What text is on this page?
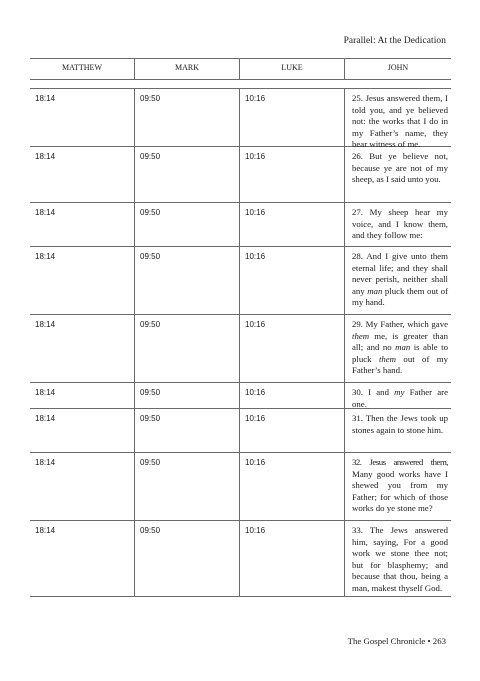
Parallel: At the Dedication
MATTHEW	MARK	LUKE	JOHN
18:14	09:50	10:16	25. Jesus answered them, I told you, and ye believed not: the works that I do in my Father’s name, they bear witness of me.
18:14	09:50	10:16	26. But ye believe not, because ye are not of my sheep, as I said unto you.
18:14	09:50	10:16	27. My sheep hear my voice, and I know them, and they follow me:
18:14	09:50	10:16	28. And I give unto them eternal life; and they shall never perish, neither shall any man pluck them out of my hand.
18:14	09:50	10:16	29. My Father, which gave them me, is greater than all; and no man is able to pluck them out of my Father’s hand.
18:14	09:50	10:16	30. I and my Father are one.
18:14	09:50	10:16	31. Then the Jews took up stones again to stone him.
18:14	09:50	10:16	32. Jesus answered them, Many good works have I shewed you from my Father; for which of those works do ye stone me?
18:14	09:50	10:16	33. The Jews answered him, saying, For a good work we stone thee not; but for blasphemy; and because that thou, being a man, makest thyself God.
The Gospel Chronicle • 263
